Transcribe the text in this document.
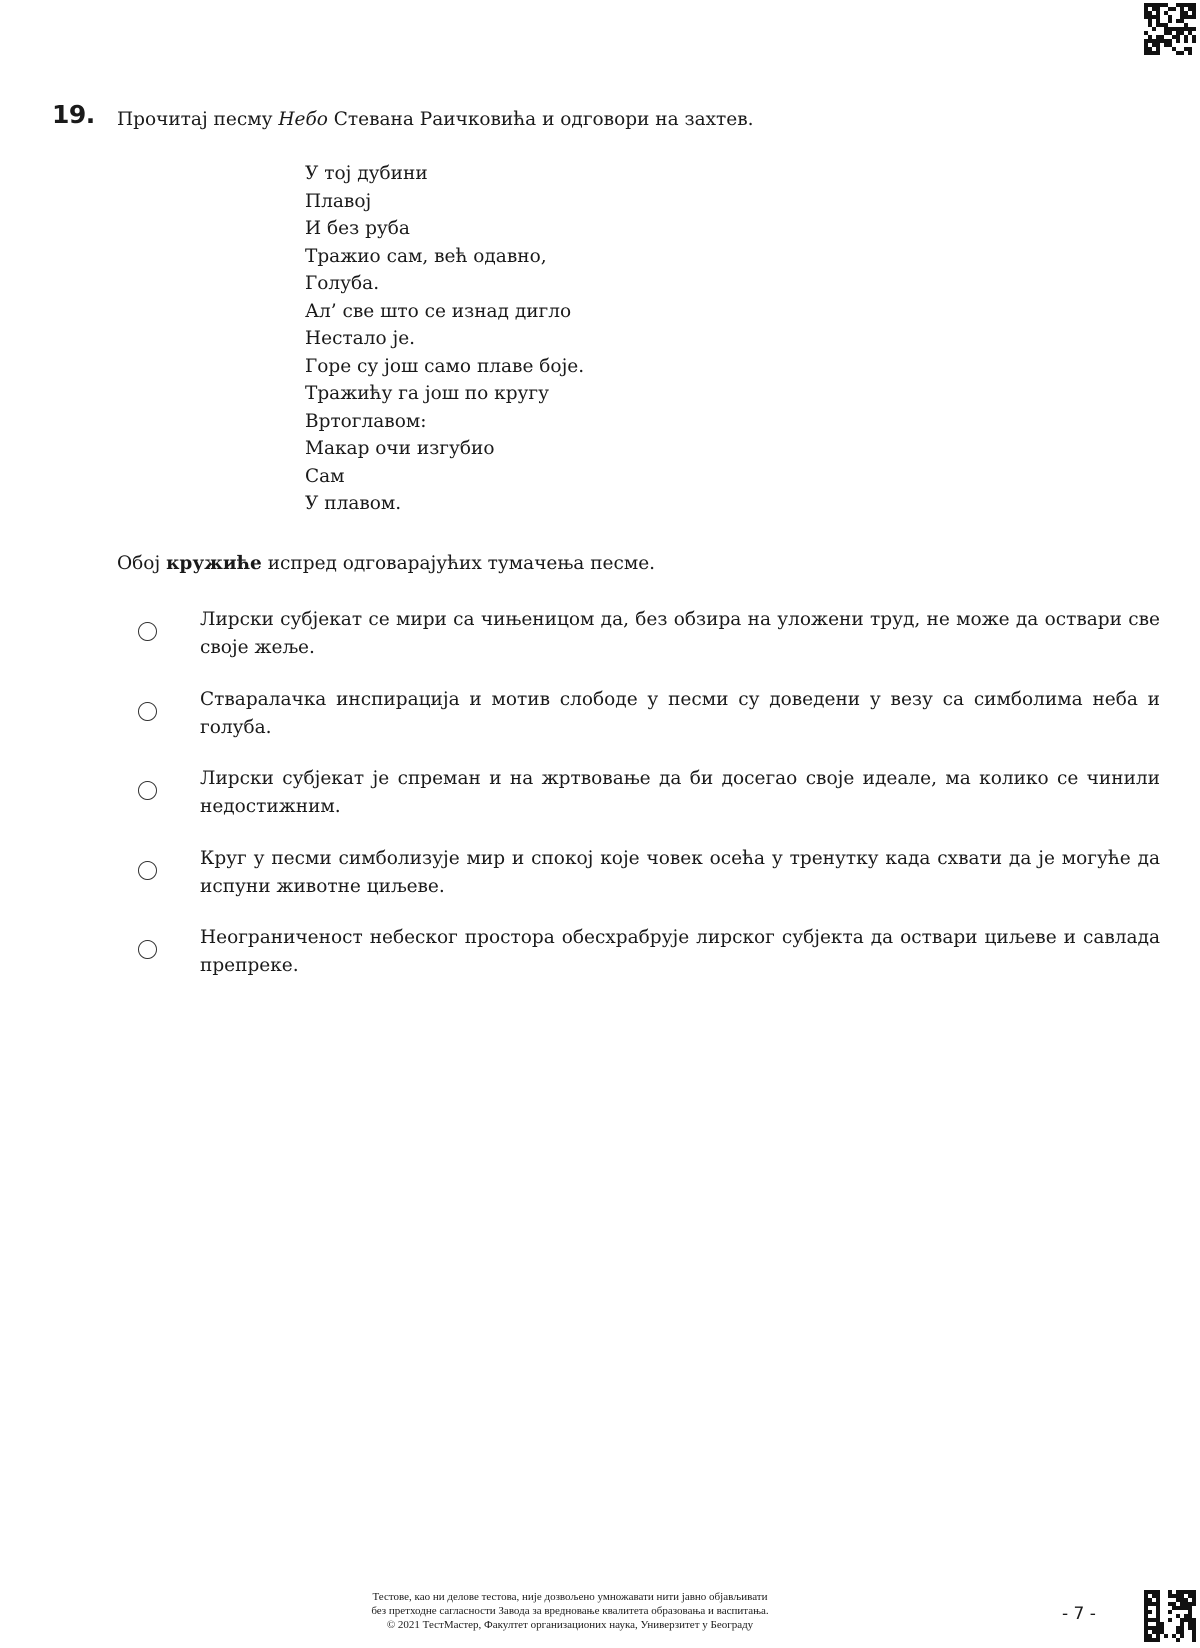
19. Прочитај песму Небо Стевана Раичковића и одговори на захтев.
У тој дубини
Плавој
И без руба
Тражио сам, већ одавно,
Голуба.
Ал’ све што се изнад дигло
Нестало је.
Горе су још само плаве боје.
Тражићу га још по кругу
Вртоглавом:
Макар очи изгубио
Сам
У плавом.
Обој кружиће испред одговарајућих тумачења песме.
Лирски субјекат се мири са чињеницом да, без обзира на уложени труд, не може да оствари све своје жеље.
Стваралачка инспирација и мотив слободе у песми су доведени у везу са симболима неба и голуба.
Лирски субјекат је спреман и на жртвовање да би досегао своје идеале, ма колико се чинили недостижним.
Круг у песми симболизује мир и спокој које човек осећа у тренутку када схвати да је могуће да испуни животне циљеве.
Неограниченост небеског простора обесхрабрује лирског субјекта да оствари циљеве и савлада препреке.
Тестове, као ни делове тестова, није дозвољено умножавати нити јавно објављивати
без претходне сагласности Завода за вредновање квалитета образовања и васпитања.
© 2021 ТестМастер, Факултет организационих наука, Универзитет у Београду
- 7 -
